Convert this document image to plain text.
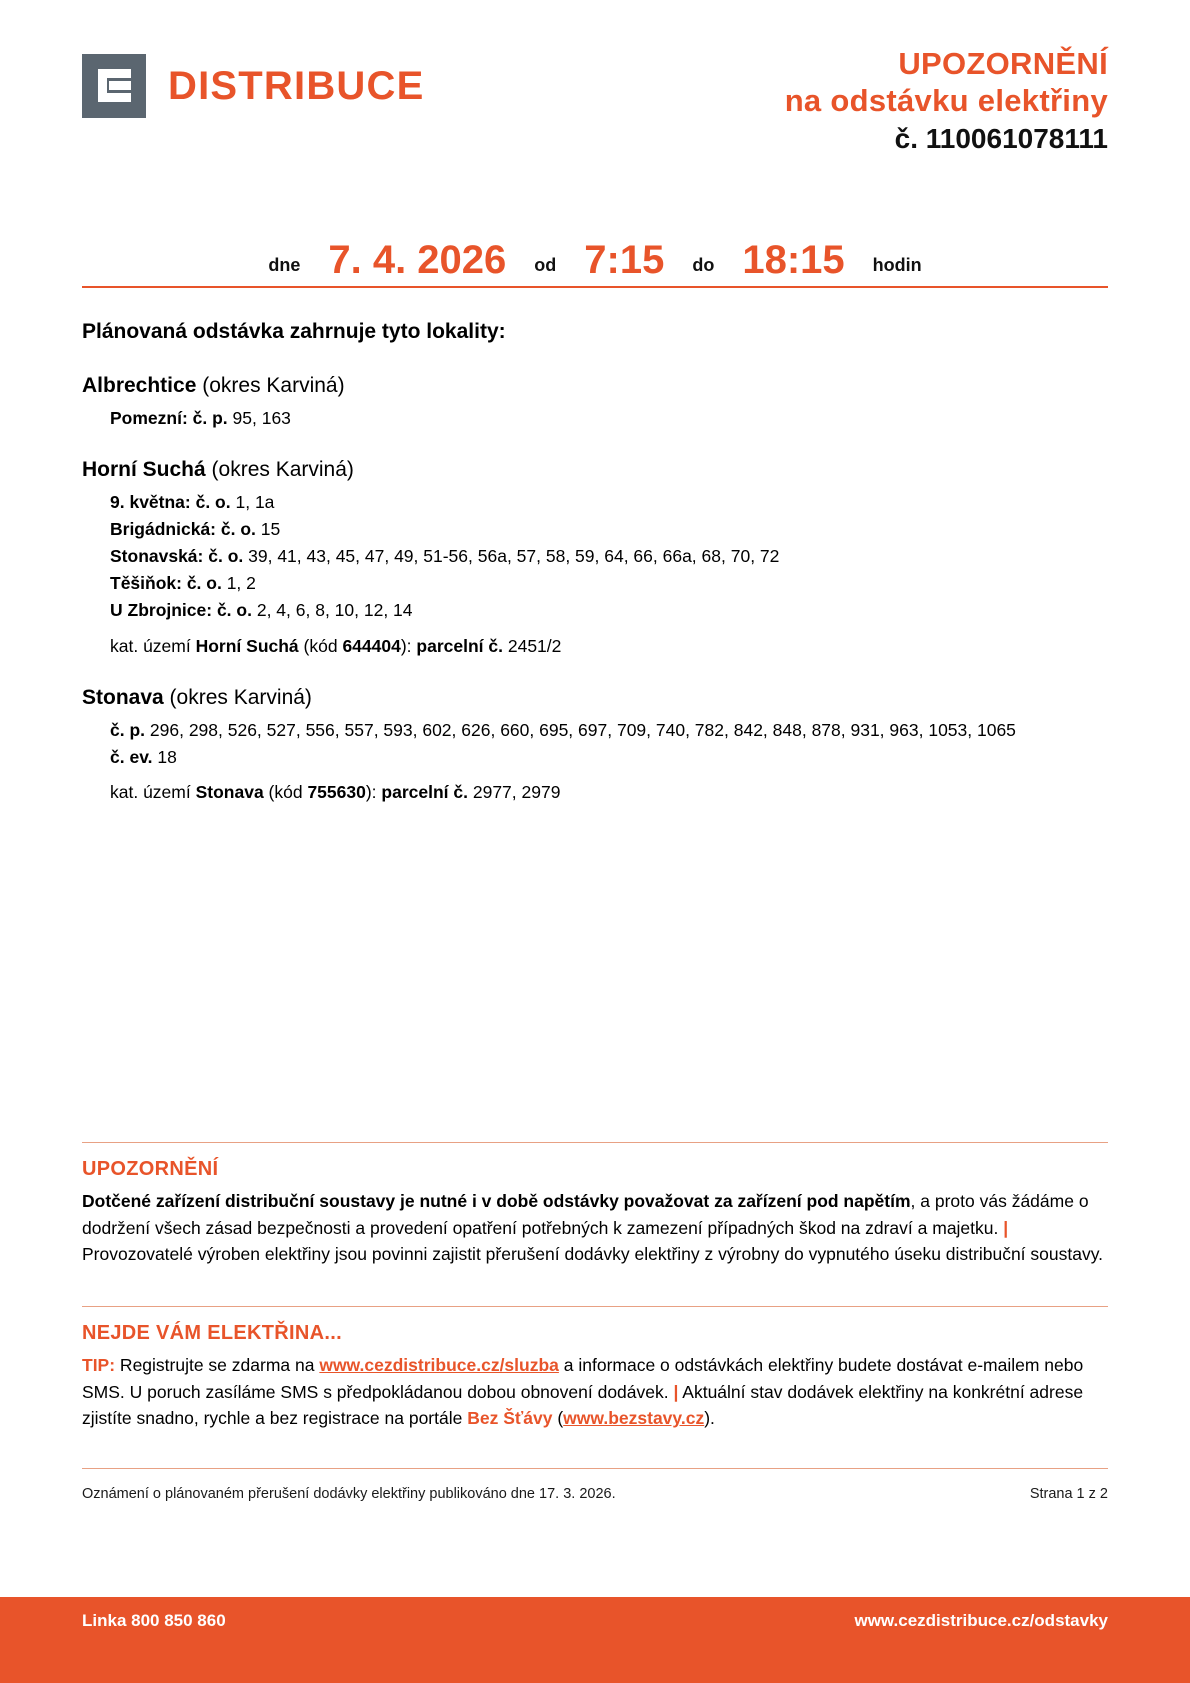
DISTRIBUCE	UPOZORNĚNÍ
na odstávku elektřiny
č. 110061078111
dne 7. 4. 2026	od 7:15	do 18:15	hodin
Plánovaná odstávka zahrnuje tyto lokality:
Albrechtice (okres Karviná)
Pomezní: č. p. 95, 163
Horní Suchá (okres Karviná)
9. května: č. o. 1, 1a
Brigádnická: č. o. 15
Stonavská: č. o. 39, 41, 43, 45, 47, 49, 51-56, 56a, 57, 58, 59, 64, 66, 66a, 68, 70, 72
Těšiňok: č. o. 1, 2
U Zbrojnice: č. o. 2, 4, 6, 8, 10, 12, 14
kat. území Horní Suchá (kód 644404): parcelní č. 2451/2
Stonava (okres Karviná)
č. p. 296, 298, 526, 527, 556, 557, 593, 602, 626, 660, 695, 697, 709, 740, 782, 842, 848, 878, 931, 963, 1053, 1065
č. ev. 18
kat. území Stonava (kód 755630): parcelní č. 2977, 2979
UPOZORNĚNÍ
Dotčené zařízení distribuční soustavy je nutné i v době odstávky považovat za zařízení pod napětím, a proto vás žádáme o dodržení všech zásad bezpečnosti a provedení opatření potřebných k zamezení případných škod na zdraví a majetku. | Provozovatelé výroben elektřiny jsou povinni zajistit přerušení dodávky elektřiny z výrobny do vypnutého úseku distribuční soustavy.
NEJDE VÁM ELEKTŘINA...
TIP: Registrujte se zdarma na www.cezdistribuce.cz/sluzba a informace o odstávkách elektřiny budete dostávat e-mailem nebo SMS. U poruch zasíláme SMS s předpokládanou dobou obnovení dodávek. | Aktuální stav dodávek elektřiny na konkrétní adrese zjistíte snadno, rychle a bez registrace na portále Bez Šťávy (www.bezstavy.cz).
Oznámení o plánovaném přerušení dodávky elektřiny publikováno dne 17. 3. 2026.	Strana 1 z 2
Linka 800 850 860	www.cezdistribuce.cz/odstavky
